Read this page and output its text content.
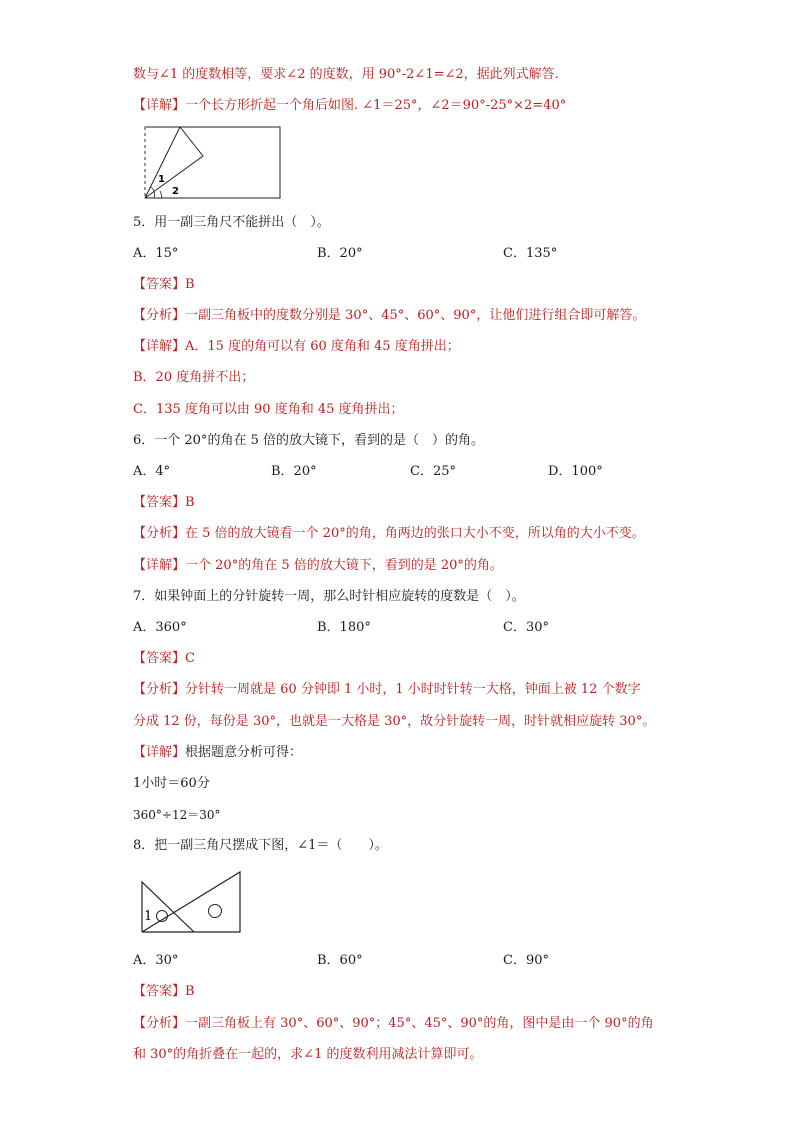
数与∠1 的度数相等，要求∠2 的度数，用 90°-2∠1=∠2，据此列式解答.
【详解】一个长方形折起一个角后如图. ∠1＝25°，∠2＝90°-25°×2=40°
1
2
5．用一副三角尺不能拼出（　）。
A．15°	B．20°	C．135°
【答案】B
【分析】一副三角板中的度数分别是 30°、45°、60°、90°，让他们进行组合即可解答。
【详解】A．15 度的角可以有 60 度角和 45 度角拼出；
B．20 度角拼不出；
C．135 度角可以由 90 度角和 45 度角拼出；
6．一个 20°的角在 5 倍的放大镜下，看到的是（　）的角。
A．4°	B．20°	C．25°	D．100°
【答案】B
【分析】在 5 倍的放大镜看一个 20°的角，角两边的张口大小不变，所以角的大小不变。
【详解】一个 20°的角在 5 倍的放大镜下，看到的是 20°的角。
7．如果钟面上的分针旋转一周，那么时针相应旋转的度数是（　）。
A．360°	B．180°	C．30°
【答案】C
【分析】分针转一周就是 60 分钟即 1 小时，1 小时时针转一大格，钟面上被 12 个数字
分成 12 份，每份是 30°，也就是一大格是 30°，故分针旋转一周，时针就相应旋转 30°。
【详解】根据题意分析可得：
1小时＝60分
360°÷12＝30°
8．把一副三角尺摆成下图，∠1＝（　　）。
1
A．30°	B．60°	C．90°
【答案】B
【分析】一副三角板上有 30°、60°、90°；45°、45°、90°的角，图中是由一个 90°的角
和 30°的角折叠在一起的，求∠1 的度数利用减法计算即可。
